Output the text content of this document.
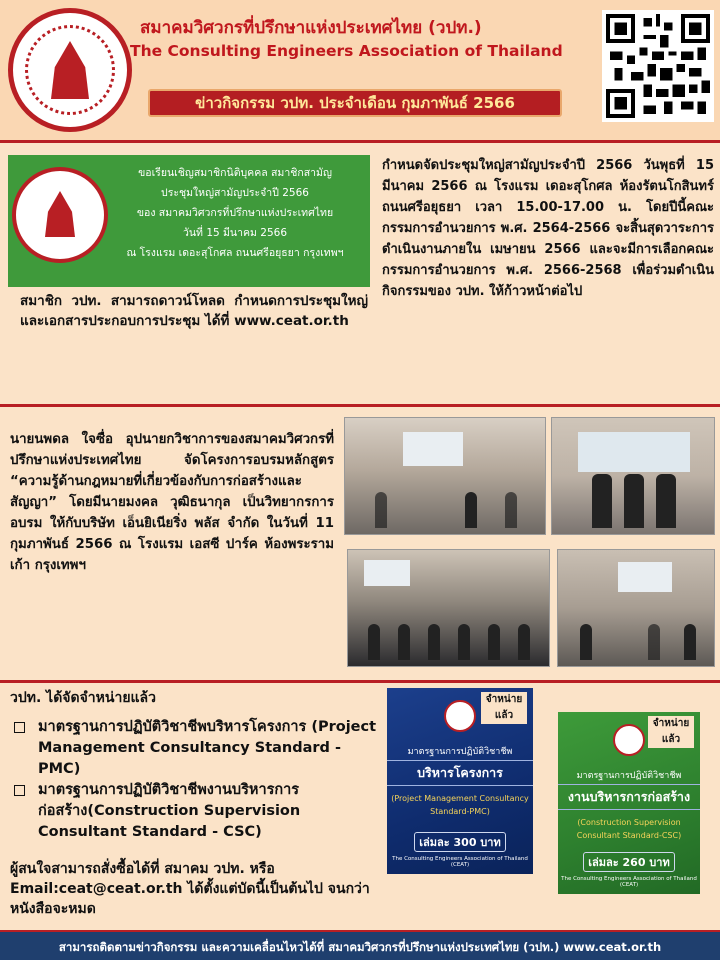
สมาคมวิศวกรที่ปรึกษาแห่งประเทศไทย (วปท.)
The Consulting Engineers Association of Thailand
ข่าวกิจกรรม วปท. ประจำเดือน กุมภาพันธ์ 2566
ขอเรียนเชิญสมาชิกนิติบุคคล สมาชิกสามัญ
ประชุมใหญ่สามัญประจำปี 2566
ของ สมาคมวิศวกรที่ปรึกษาแห่งประเทศไทย
วันที่ 15 มีนาคม 2566
ณ โรงแรม เดอะสุโกศล ถนนศรีอยุธยา กรุงเทพฯ
สมาชิก วปท. สามารถดาวน์โหลด กำหนดการประชุมใหญ่ และเอกสารประกอบการประชุม ได้ที่ www.ceat.or.th
กำหนดจัดประชุมใหญ่สามัญประจำปี 2566 วันพุธที่ 15 มีนาคม 2566 ณ โรงแรม เดอะสุโกศล ห้องรัตนโกสินทร์ ถนนศรีอยุธยา เวลา 15.00-17.00 น. โดยปีนี้คณะกรรมการอำนวยการ พ.ศ. 2564-2566 จะสิ้นสุดวาระการดำเนินงานภายใน เมษายน 2566 และจะมีการเลือกคณะกรรมการอำนวยการ พ.ศ. 2566-2568 เพื่อร่วมดำเนินกิจกรรมของ วปท. ให้ก้าวหน้าต่อไป
นายนพดล ใจซื่อ อุปนายกวิชาการของสมาคมวิศวกรที่ปรึกษาแห่งประเทศไทย จัดโครงการอบรมหลักสูตร “ความรู้ด้านกฎหมายที่เกี่ยวข้องกับการก่อสร้างและสัญญา” โดยมีนายมงคล วุฒิธนากุล เป็นวิทยากรการอบรม ให้กับบริษัท เอ็นยิเนียริ่ง พลัส จำกัด ในวันที่ 11 กุมภาพันธ์ 2566 ณ โรงแรม เอสซี ปาร์ค ห้องพระรามเก้า กรุงเทพฯ
วปท. ได้จัดจำหน่ายแล้ว
มาตรฐานการปฏิบัติวิชาชีพบริหารโครงการ (Project Management Consultancy Standard - PMC)
มาตรฐานการปฏิบัติวิชาชีพงานบริหารการก่อสร้าง(Construction Supervision Consultant Standard - CSC)
ผู้สนใจสามารถสั่งซื้อได้ที่ สมาคม วปท. หรือ Email:ceat@ceat.or.th ได้ตั้งแต่บัดนี้เป็นต้นไป จนกว่าหนังสือจะหมด
จำหน่าย แล้ว
มาตรฐานการปฏิบัติวิชาชีพ
บริหารโครงการ
(Project Management Consultancy Standard-PMC)
เล่มละ 300 บาท
The Consulting Engineers Association of Thailand (CEAT)
จำหน่าย แล้ว
มาตรฐานการปฏิบัติวิชาชีพ
งานบริหารการก่อสร้าง
(Construction Supervision Consultant Standard-CSC)
เล่มละ 260 บาท
The Consulting Engineers Association of Thailand (CEAT)
สามารถติดตามข่าวกิจกรรม และความเคลื่อนไหวได้ที่ สมาคมวิศวกรที่ปรึกษาแห่งประเทศไทย (วปท.) www.ceat.or.th
